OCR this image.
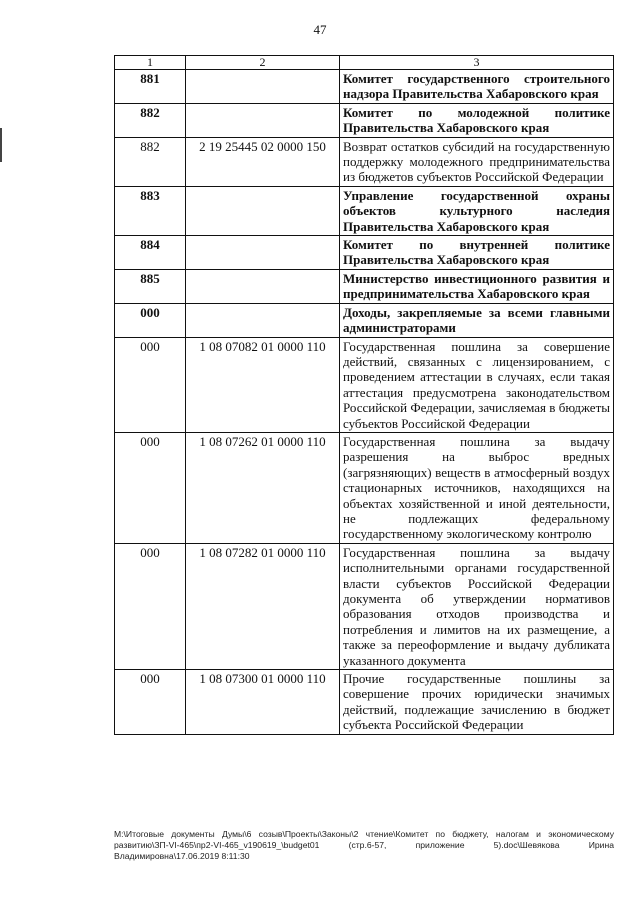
47
1	2	3
881		Комитет государственного строительного надзора Правительства Хабаровского края
882		Комитет по молодежной политике Правительства Хабаровского края
882	2 19 25445 02 0000 150	Возврат остатков субсидий на государственную поддержку молодежного предпринимательства из бюджетов субъектов Российской Федерации
883		Управление государственной охраны объектов культурного наследия Правительства Хабаровского края
884		Комитет по внутренней политике Правительства Хабаровского края
885		Министерство инвестиционного развития и предпринимательства Хабаровского края
000		Доходы, закрепляемые за всеми главными администраторами
000	1 08 07082 01 0000 110	Государственная пошлина за совершение действий, связанных с лицензированием, с проведением аттестации в случаях, если такая аттестация предусмотрена законодательством Российской Федерации, зачисляемая в бюджеты субъектов Российской Федерации
000	1 08 07262 01 0000 110	Государственная пошлина за выдачу разрешения на выброс вредных (загрязняющих) веществ в атмосферный воздух стационарных источников, находящихся на объектах хозяйственной и иной деятельности, не подлежащих федеральному государственному экологическому контролю
000	1 08 07282 01 0000 110	Государственная пошлина за выдачу исполнительными органами государственной власти субъектов Российской Федерации документа об утверждении нормативов образования отходов производства и потребления и лимитов на их размещение, а также за переоформление и выдачу дубликата указанного документа
000	1 08 07300 01 0000 110	Прочие государственные пошлины за совершение прочих юридически значимых действий, подлежащие зачислению в бюджет субъекта Российской Федерации
M:\Итоговые документы Думы\6 созыв\Проекты\Законы\2 чтение\Комитет по бюджету, налогам и экономическому развитию\ЗП-VI-465\пр2-VI-465_v190619_\budget01 (стр.6-57, приложение 5).doc\Шевякова Ирина Владимировна\17.06.2019 8:11:30
